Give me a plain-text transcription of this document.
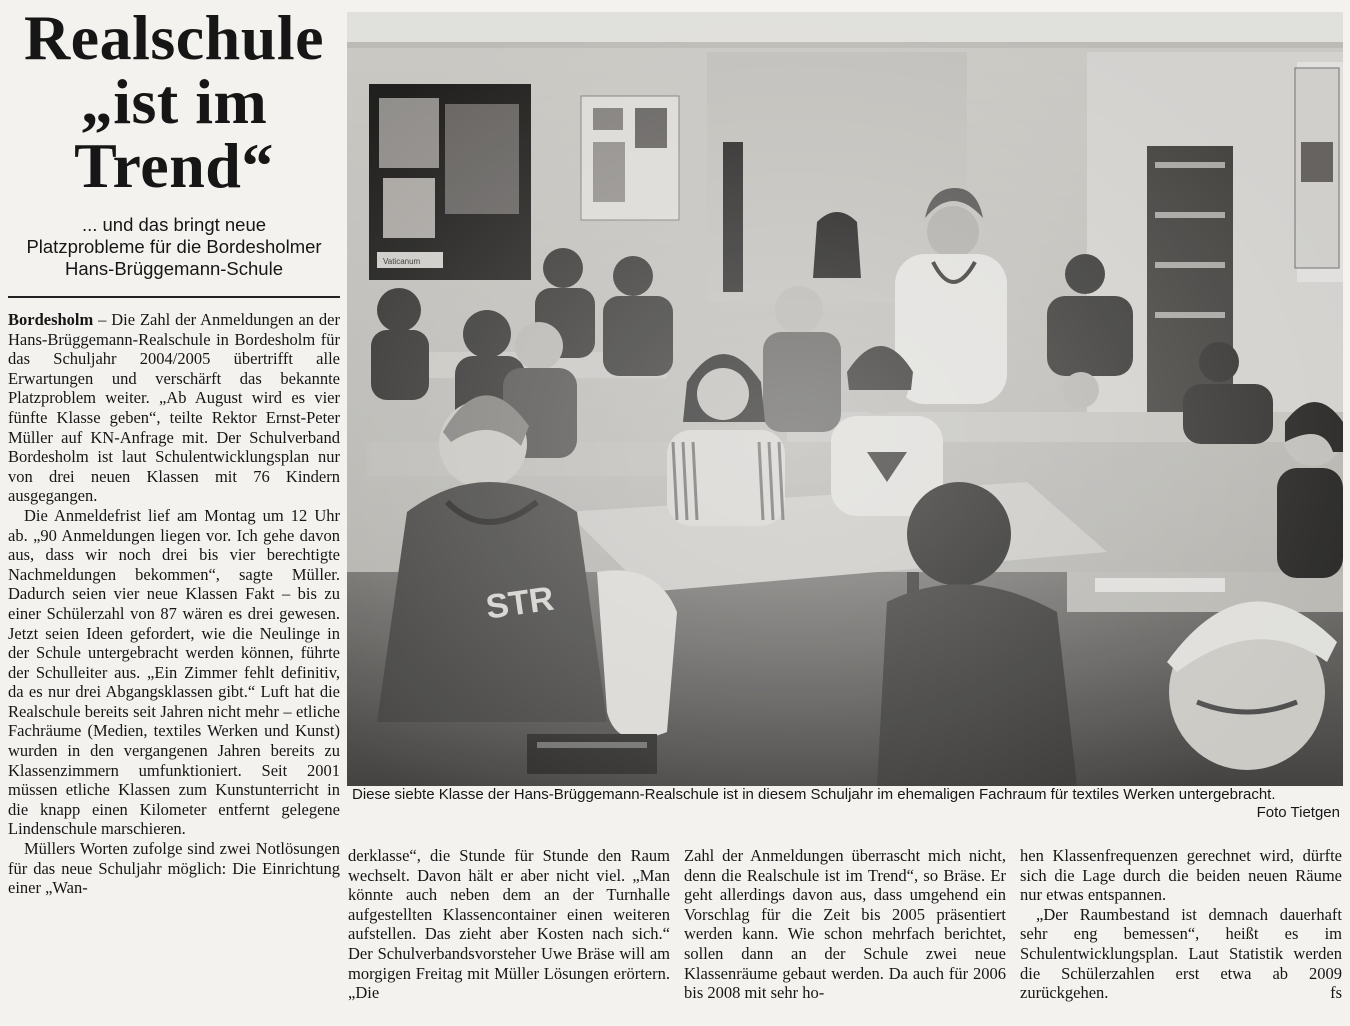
Realschule
„ist im
Trend“
... und das bringt neue
Platzprobleme für die Bordesholmer
Hans-Brüggemann-Schule

Bordesholm – Die Zahl der Anmeldungen an der Hans-Brüggemann-Realschule in Bordesholm für das Schuljahr 2004/2005 übertrifft alle Erwartungen und verschärft das bekannte Platzproblem weiter. „Ab August wird es vier fünfte Klasse geben“, teilte Rektor Ernst-Peter Müller auf KN-Anfrage mit. Der Schulverband Bordesholm ist laut Schulentwicklungsplan nur von drei neuen Klassen mit 76 Kindern ausgegangen.

Die Anmeldefrist lief am Montag um 12 Uhr ab. „90 Anmeldungen liegen vor. Ich gehe davon aus, dass wir noch drei bis vier berechtigte Nachmeldungen bekommen“, sagte Müller. Dadurch seien vier neue Klassen Fakt – bis zu einer Schülerzahl von 87 wären es drei gewesen. Jetzt seien Ideen gefordert, wie die Neulinge in der Schule untergebracht werden können, führte der Schulleiter aus. „Ein Zimmer fehlt definitiv, da es nur drei Abgangsklassen gibt.“ Luft hat die Realschule bereits seit Jahren nicht mehr – etliche Fachräume (Medien, textiles Werken und Kunst) wurden in den vergangenen Jahren bereits zu Klassenzimmern umfunktioniert. Seit 2001 müssen etliche Klassen zum Kunstunterricht in die knapp einen Kilometer entfernt gelegene Lindenschule marschieren.

Müllers Worten zufolge sind zwei Notlösungen für das neue Schuljahr möglich: Die Einrichtung einer „Wan-

Diese siebte Klasse der Hans-Brüggemann-Realschule ist in diesem Schuljahr im ehemaligen Fachraum für textiles Werken untergebracht.
Foto Tietgen

derklasse“, die Stunde für Stunde den Raum wechselt. Davon hält er aber nicht viel. „Man könnte auch neben dem an der Turnhalle aufgestellten Klassencontainer einen weiteren aufstellen. Das zieht aber Kosten nach sich.“ Der Schulverbandsvorsteher Uwe Bräse will am morgigen Freitag mit Müller Lösungen erörtern. „Die

Zahl der Anmeldungen überrascht mich nicht, denn die Realschule ist im Trend“, so Bräse. Er geht allerdings davon aus, dass umgehend ein Vorschlag für die Zeit bis 2005 präsentiert werden kann. Wie schon mehrfach berichtet, sollen dann an der Schule zwei neue Klassenräume gebaut werden. Da auch für 2006 bis 2008 mit sehr ho-

hen Klassenfrequenzen gerechnet wird, dürfte sich die Lage durch die beiden neuen Räume nur etwas entspannen.

„Der Raumbestand ist demnach dauerhaft sehr eng bemessen“, heißt es im Schulentwicklungsplan. Laut Statistik werden die Schülerzahlen erst etwa ab 2009 zurückgehen.	fs
